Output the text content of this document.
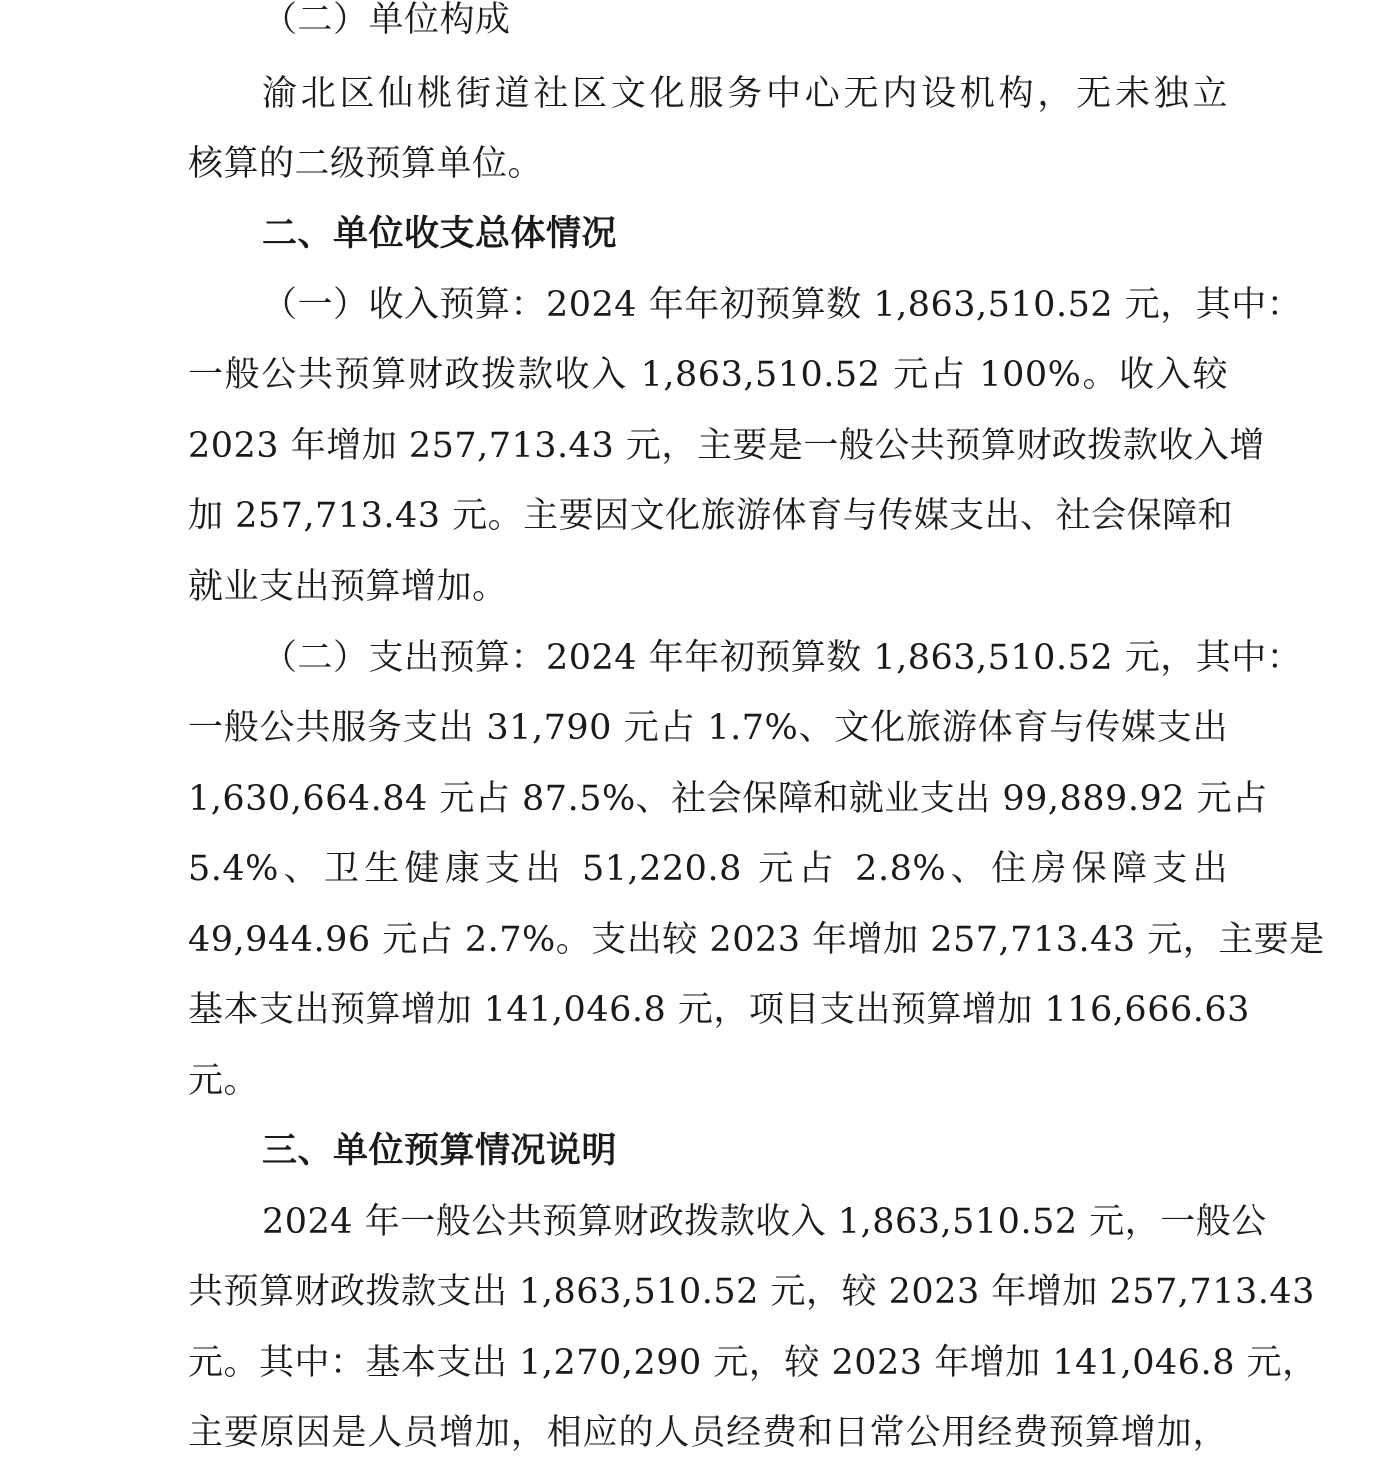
（二）单位构成
渝北区仙桃街道社区文化服务中心无内设机构，无未独立
核算的二级预算单位。
二、单位收支总体情况
（一）收入预算：2024 年年初预算数 1,863,510.52 元，其中：
一般公共预算财政拨款收入 1,863,510.52 元占 100%。收入较
2023 年增加 257,713.43 元，主要是一般公共预算财政拨款收入增
加 257,713.43 元。主要因文化旅游体育与传媒支出、社会保障和
就业支出预算增加。
（二）支出预算：2024 年年初预算数 1,863,510.52 元，其中：
一般公共服务支出 31,790 元占 1.7%、文化旅游体育与传媒支出
1,630,664.84 元占 87.5%、社会保障和就业支出 99,889.92 元占
5.4%、卫生健康支出 51,220.8 元占 2.8%、住房保障支出
49,944.96 元占 2.7%。支出较 2023 年增加 257,713.43 元，主要是
基本支出预算增加 141,046.8 元，项目支出预算增加 116,666.63
元。
三、单位预算情况说明
2024 年一般公共预算财政拨款收入 1,863,510.52 元，一般公
共预算财政拨款支出 1,863,510.52 元，较 2023 年增加 257,713.43
元。其中：基本支出 1,270,290 元，较 2023 年增加 141,046.8 元，
主要原因是人员增加，相应的人员经费和日常公用经费预算增加，
